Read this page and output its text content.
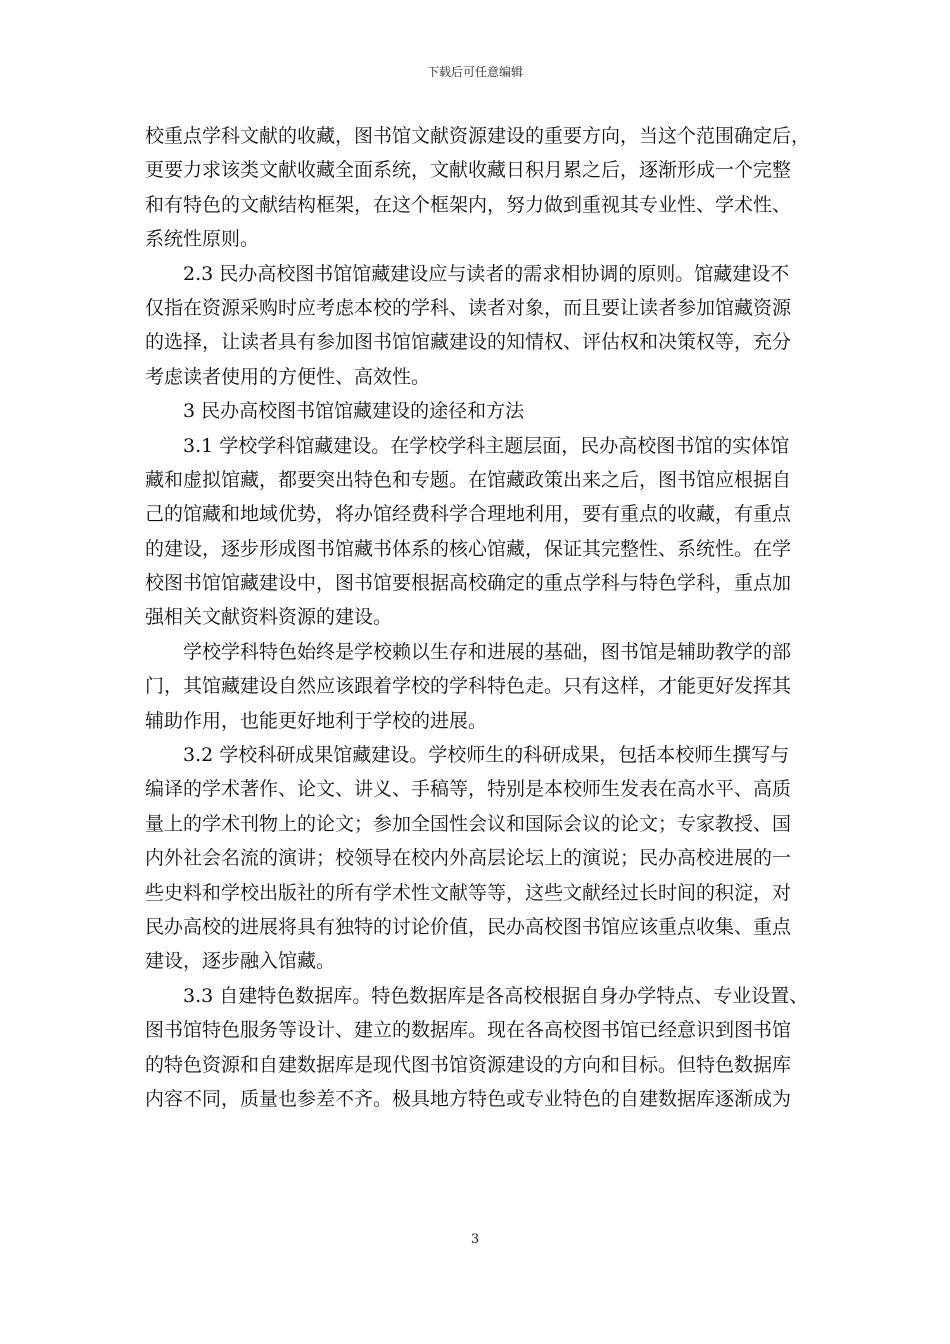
下载后可任意编辑

校重点学科文献的收藏，图书馆文献资源建设的重要方向，当这个范围确定后，
更要力求该类文献收藏全面系统，文献收藏日积月累之后，逐渐形成一个完整
和有特色的文献结构框架，在这个框架内，努力做到重视其专业性、学术性、
系统性原则。

2.3 民办高校图书馆馆藏建设应与读者的需求相协调的原则。馆藏建设不
仅指在资源采购时应考虑本校的学科、读者对象，而且要让读者参加馆藏资源
的选择，让读者具有参加图书馆馆藏建设的知情权、评估权和决策权等，充分
考虑读者使用的方便性、高效性。

3 民办高校图书馆馆藏建设的途径和方法

3.1 学校学科馆藏建设。在学校学科主题层面，民办高校图书馆的实体馆
藏和虚拟馆藏，都要突出特色和专题。在馆藏政策出来之后，图书馆应根据自
己的馆藏和地域优势，将办馆经费科学合理地利用，要有重点的收藏，有重点
的建设，逐步形成图书馆藏书体系的核心馆藏，保证其完整性、系统性。在学
校图书馆馆藏建设中，图书馆要根据高校确定的重点学科与特色学科，重点加
强相关文献资料资源的建设。

学校学科特色始终是学校赖以生存和进展的基础，图书馆是辅助教学的部
门，其馆藏建设自然应该跟着学校的学科特色走。只有这样，才能更好发挥其
辅助作用，也能更好地利于学校的进展。

3.2 学校科研成果馆藏建设。学校师生的科研成果，包括本校师生撰写与
编译的学术著作、论文、讲义、手稿等，特别是本校师生发表在高水平、高质
量上的学术刊物上的论文；参加全国性会议和国际会议的论文；专家教授、国
内外社会名流的演讲；校领导在校内外高层论坛上的演说；民办高校进展的一
些史料和学校出版社的所有学术性文献等等，这些文献经过长时间的积淀，对
民办高校的进展将具有独特的讨论价值，民办高校图书馆应该重点收集、重点
建设，逐步融入馆藏。

3.3 自建特色数据库。特色数据库是各高校根据自身办学特点、专业设置、
图书馆特色服务等设计、建立的数据库。现在各高校图书馆已经意识到图书馆
的特色资源和自建数据库是现代图书馆资源建设的方向和目标。但特色数据库
内容不同，质量也参差不齐。极具地方特色或专业特色的自建数据库逐渐成为

3
